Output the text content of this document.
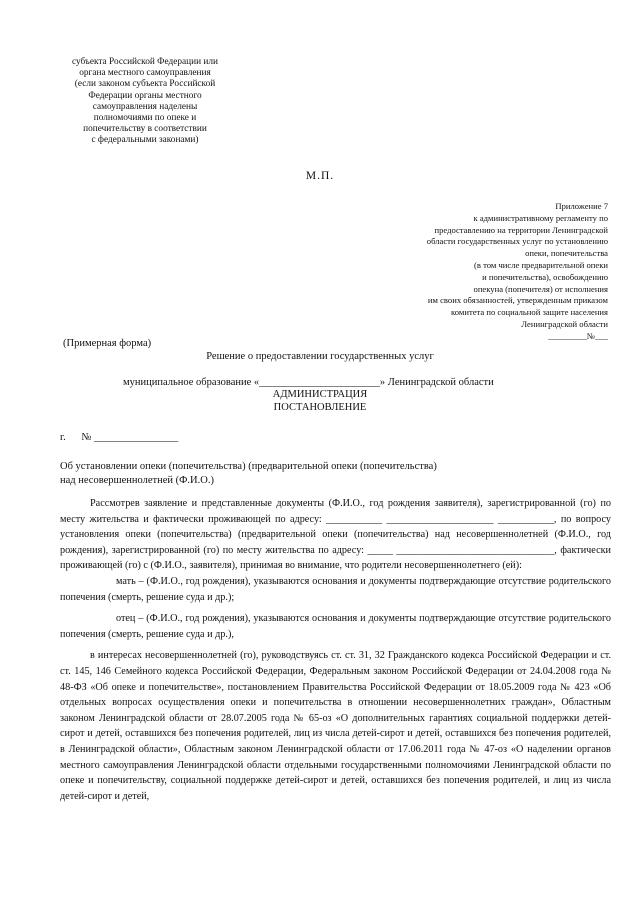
субъекта Российской Федерации или
органа местного самоуправления
(если законом субъекта Российской
Федерации органы местного
самоуправления наделены
полномочиями по опеке и
попечительству в соответствии
с федеральными законами)
М.П.
Приложение 7
к административному регламенту по
предоставлению на территории Ленинградской
области государственных услуг по установлению
опеки, попечительства
(в том числе предварительной опеки
и попечительства), освобождению
опекуна (попечителя) от исполнения
им своих обязанностей, утвержденным приказом
комитета по социальной защите населения
Ленинградской области
_________№___
(Примерная форма)
Решение о предоставлении государственных услуг
муниципальное образование «_______________________» Ленинградской области
АДМИНИСТРАЦИЯ
ПОСТАНОВЛЕНИЕ
г.      № ________________
Об установлении опеки (попечительства) (предварительной опеки (попечительства)
над несовершеннолетней (Ф.И.О.)

Рассмотрев заявление и представленные документы (Ф.И.О., год рождения заявителя), зарегистрированной (го) по месту жительства и фактически проживающей по адресу: ___________ _____________________ ___________, по вопросу установления опеки (попечительства) (предварительной опеки (попечительства) над несовершеннолетней (Ф.И.О., год рождения), зарегистрированной (го) по месту жительства по адресу: _____ _______________________________, фактически проживающей (го) с (Ф.И.О., заявителя), принимая во внимание, что родители несовершеннолетнего (ей):

мать – (Ф.И.О., год рождения), указываются основания и документы подтверждающие отсутствие родительского попечения (смерть, решение суда и др.);

отец – (Ф.И.О., год рождения), указываются основания и документы подтверждающие отсутствие родительского попечения (смерть, решение суда и др.),

в интересах несовершеннолетней (го), руководствуясь ст. ст. 31, 32 Гражданского кодекса Российской Федерации и ст. ст. 145, 146 Семейного кодекса Российской Федерации, Федеральным законом Российской Федерации от 24.04.2008 года № 48-ФЗ «Об опеке и попечительстве», постановлением Правительства Российской Федерации от 18.05.2009 года № 423 «Об отдельных вопросах осуществления опеки и попечительства в отношении несовершеннолетних граждан», Областным законом Ленинградской области от 28.07.2005 года № 65-оз «О дополнительных гарантиях социальной поддержки детей-сирот и детей, оставшихся без попечения родителей, лиц из числа детей-сирот и детей, оставшихся без попечения родителей, в Ленинградской области», Областным законом Ленинградской области от 17.06.2011 года № 47-оз «О наделении органов местного самоуправления Ленинградской области отдельными государственными полномочиями Ленинградской области по опеке и попечительству, социальной поддержке детей-сирот и детей, оставшихся без попечения родителей, и лиц из числа детей-сирот и детей,
